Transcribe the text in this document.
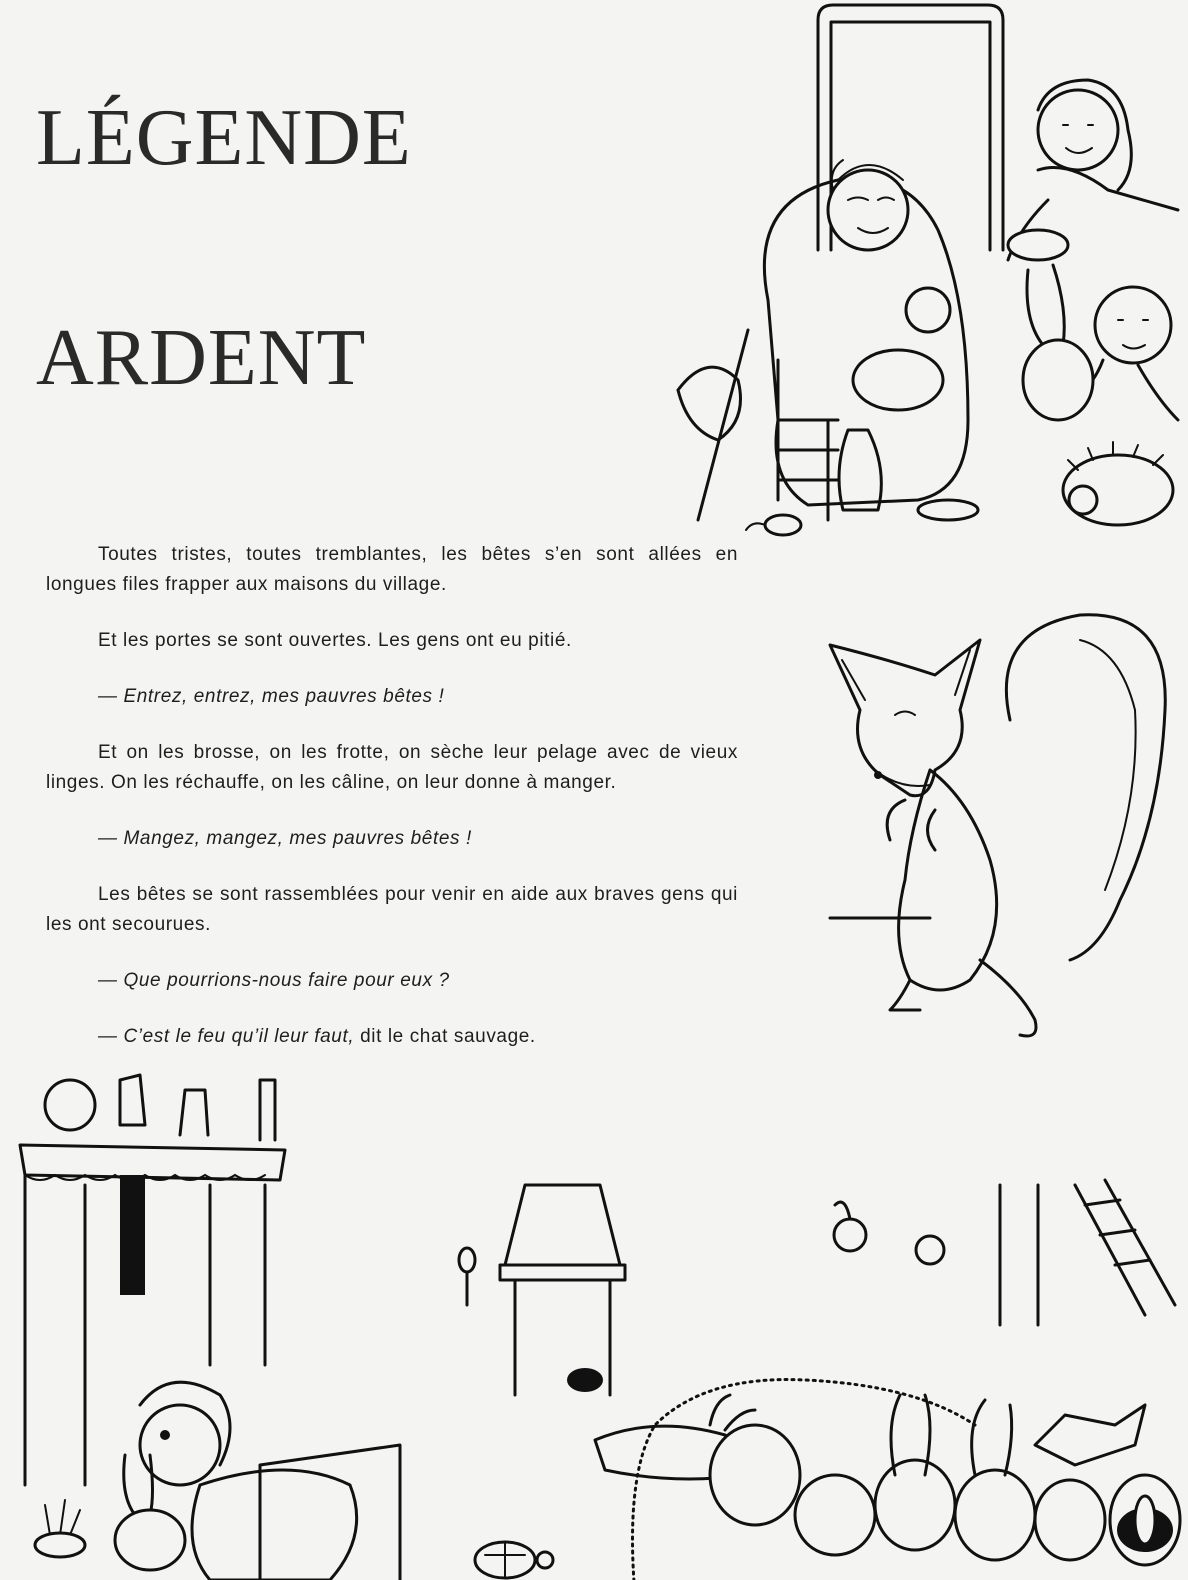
LÉGENDE
ARDENT

Toutes tristes, toutes tremblantes, les bêtes s’en sont allées en longues files frapper aux maisons du village.

Et les portes se sont ouvertes. Les gens ont eu pitié.

— Entrez, entrez, mes pauvres bêtes !

Et on les brosse, on les frotte, on sèche leur pelage avec de vieux linges. On les réchauffe, on les câline, on leur donne à manger.

— Mangez, mangez, mes pauvres bêtes !

Les bêtes se sont rassemblées pour venir en aide aux braves gens qui les ont secourues.

— Que pourrions-nous faire pour eux ?

— C’est le feu qu’il leur faut, dit le chat sauvage.
